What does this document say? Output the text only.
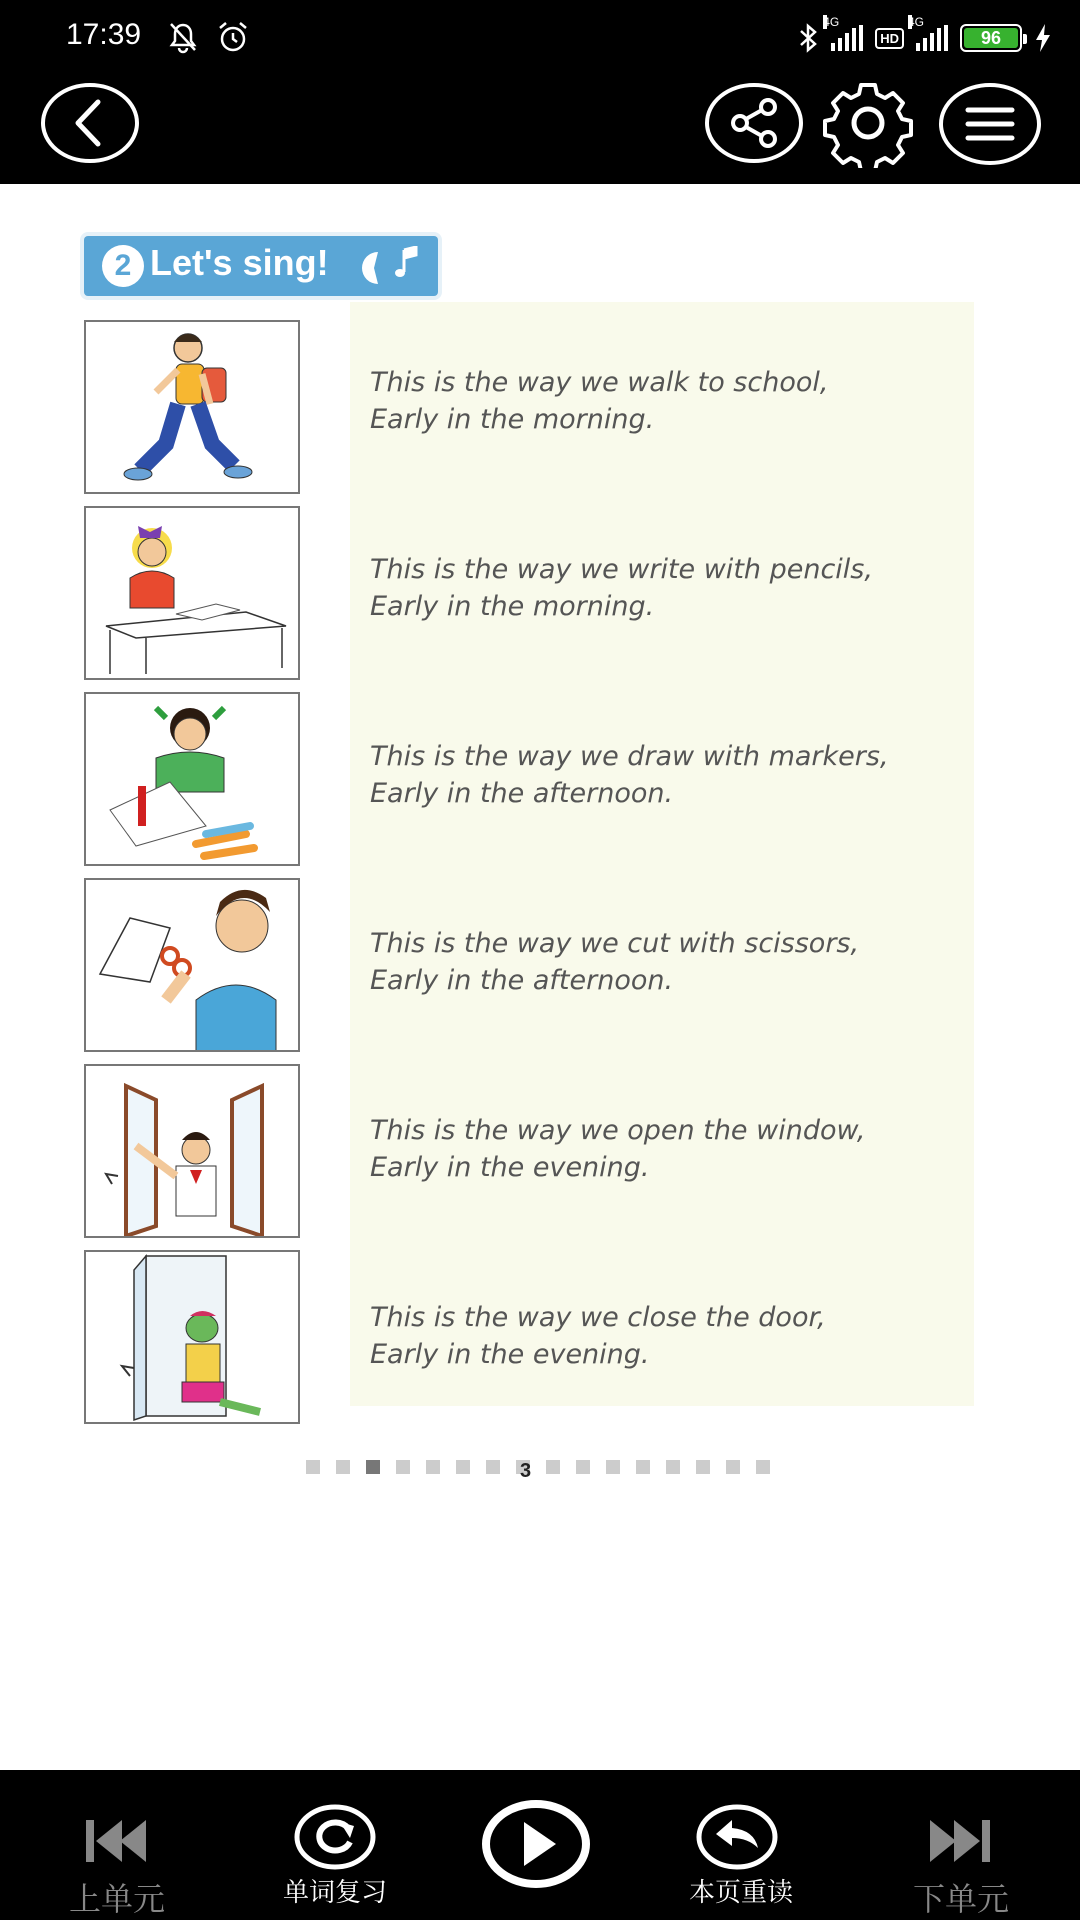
17:39	4G
HD
4G
96
2 Let's sing!
This is the way we walk to school,
Early in the morning.
This is the way we write with pencils,
Early in the morning.
This is the way we draw with markers,
Early in the afternoon.
This is the way we cut with scissors,
Early in the afternoon.
This is the way we open the window,
Early in the evening.
This is the way we close the door,
Early in the evening.
3
上单元	单词复习	本页重读	下单元
